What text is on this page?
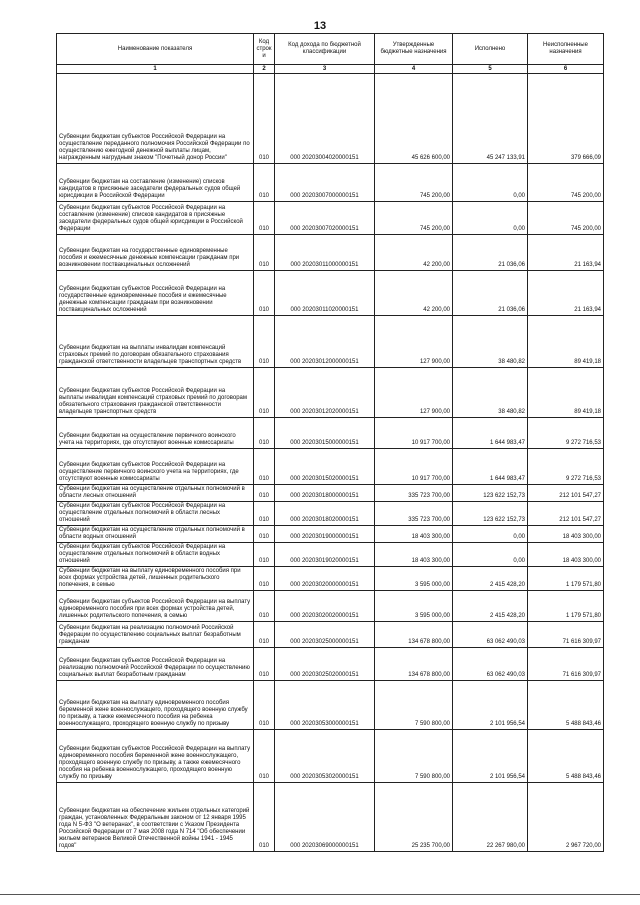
13
Наименование показателя	Код строк и	Код дохода по бюджетной классификации	Утвержденные бюджетные назначения	Исполнено	Неисполненные назначения
1	2	3	4	5	6
Субвенции бюджетам субъектов Российской Федерации на осуществление переданного полномочия Российской Федерации по осуществлению ежегодной денежной выплаты лицам, награжденным нагрудным знаком "Почетный донор России"	010	000 20203004020000151	45 626 600,00	45 247 133,91	379 666,09
Субвенции бюджетам на составление (изменение) списков кандидатов в присяжные заседатели федеральных судов общей юрисдикции в Российской Федерации	010	000 20203007000000151	745 200,00	0,00	745 200,00
Субвенции бюджетам субъектов Российской Федерации на составление (изменение) списков кандидатов в присяжные заседатели федеральных судов общей юрисдикции в Российской Федерации	010	000 20203007020000151	745 200,00	0,00	745 200,00
Субвенции бюджетам на государственные единовременные пособия и ежемесячные денежные компенсации гражданам при возникновении поствакцинальных осложнений	010	000 20203011000000151	42 200,00	21 036,06	21 163,94
Субвенции бюджетам субъектов Российской Федерации на государственные единовременные пособия и ежемесячные денежные компенсации гражданам при возникновении поствакцинальных осложнений	010	000 20203011020000151	42 200,00	21 036,06	21 163,94
Субвенции бюджетам на выплаты инвалидам компенсаций страховых премий по договорам обязательного страхования гражданской ответственности владельцев транспортных средств	010	000 20203012000000151	127 900,00	38 480,82	89 419,18
Субвенции бюджетам субъектов Российской Федерации на выплаты инвалидам компенсаций страховых премий по договорам обязательного страхования гражданской ответственности владельцев транспортных средств	010	000 20203012020000151	127 900,00	38 480,82	89 419,18
Субвенции бюджетам на осуществление первичного воинского учета на территориях, где отсутствуют военные комиссариаты	010	000 20203015000000151	10 917 700,00	1 644 983,47	9 272 716,53
Субвенции бюджетам субъектов Российской Федерации на осуществление первичного воинского учета на территориях, где отсутствуют военные комиссариаты	010	000 20203015020000151	10 917 700,00	1 644 983,47	9 272 716,53
Субвенции бюджетам на осуществление отдельных полномочий в области лесных отношений	010	000 20203018000000151	335 723 700,00	123 622 152,73	212 101 547,27
Субвенции бюджетам субъектов Российской Федерации на осуществление отдельных полномочий в области лесных отношений	010	000 20203018020000151	335 723 700,00	123 622 152,73	212 101 547,27
Субвенции бюджетам на осуществление отдельных полномочий в области водных отношений	010	000 20203019000000151	18 403 300,00	0,00	18 403 300,00
Субвенции бюджетам субъектов Российской Федерации на осуществление отдельных полномочий в области водных отношений	010	000 20203019020000151	18 403 300,00	0,00	18 403 300,00
Субвенции бюджетам на выплату единовременного пособия при всех формах устройства детей, лишенных родительского попечения, в семью	010	000 20203020000000151	3 595 000,00	2 415 428,20	1 179 571,80
Субвенции бюджетам субъектов Российской Федерации на выплату единовременного пособия при всех формах устройства детей, лишенных родительского попечения, в семью	010	000 20203020020000151	3 595 000,00	2 415 428,20	1 179 571,80
Субвенции бюджетам на реализацию полномочий Российской Федерации по осуществлению социальных выплат безработным гражданам	010	000 20203025000000151	134 678 800,00	63 062 490,03	71 616 309,97
Субвенции бюджетам субъектов Российской Федерации на реализацию полномочий Российской Федерации по осуществлению социальных выплат безработным гражданам	010	000 20203025020000151	134 678 800,00	63 062 490,03	71 616 309,97
Субвенции бюджетам на выплату единовременного пособия беременной жене военнослужащего, проходящего военную службу по призыву, а также ежемесячного пособия на ребенка военнослужащего, проходящего военную службу по призыву	010	000 20203053000000151	7 590 800,00	2 101 956,54	5 488 843,46
Субвенции бюджетам субъектов Российской Федерации на выплату единовременного пособия беременной жене военнослужащего, проходящего военную службу по призыву, а также ежемесячного пособия на ребенка военнослужащего, проходящего военную службу по призыву	010	000 20203053020000151	7 590 800,00	2 101 956,54	5 488 843,46
Субвенции бюджетам на обеспечение жильем отдельных категорий граждан, установленных Федеральным законом от 12 января 1995 года N 5-ФЗ "О ветеранах", в соответствии с Указом Президента Российской Федерации от 7 мая 2008 года N 714 "Об обеспечении жильем ветеранов Великой Отечественной войны 1941 - 1945 годов"	010	000 20203069000000151	25 235 700,00	22 267 980,00	2 967 720,00
